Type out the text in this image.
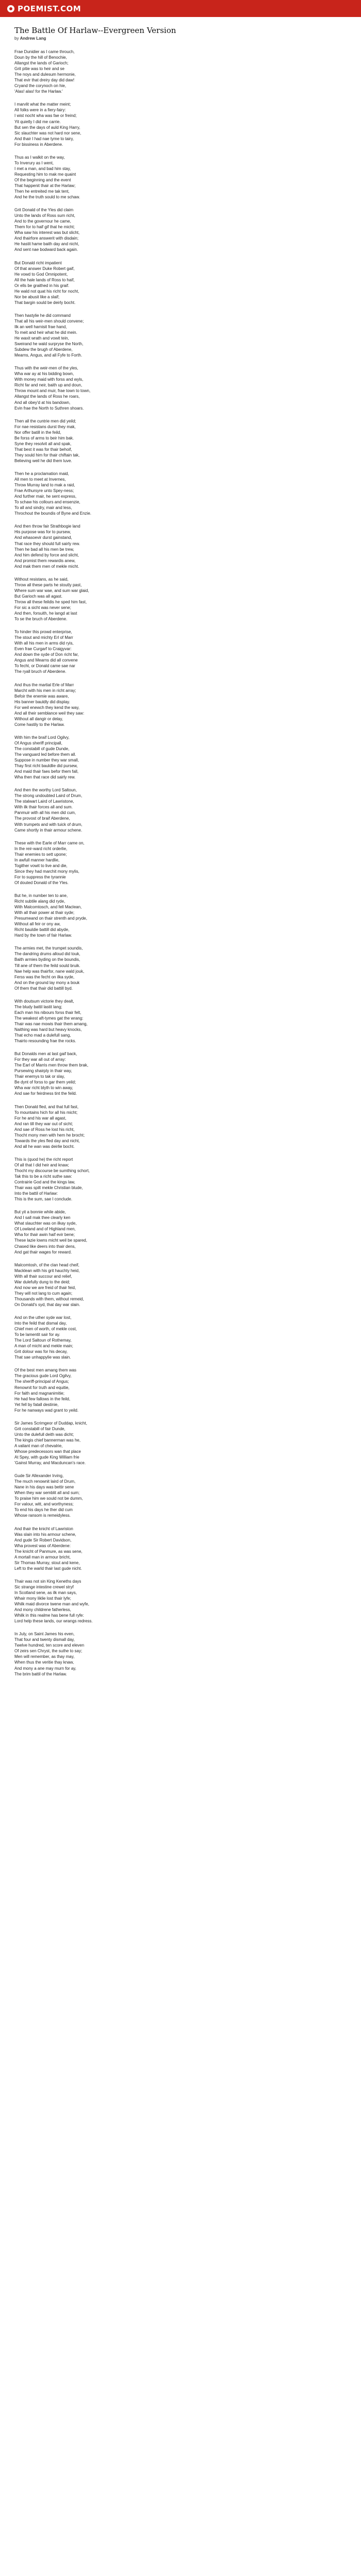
POEMIST.COM
The Battle Of Harlaw--Evergreen Version
by Andrew Lang
Frae Dunidier as I came throuch,
Doun by the hill of Benochie,
Allangst the lands of Garioch;
Grit pitie was to heir and se
The noys and dulesum hermonie,
That evir that dreiry day did daw!
Cryand the corynoch on hie,
'Alas! alas! for the Harlaw.'
I marvlit what the matter meint;
All folks were in a fiery-fairy:
I wist nocht wha was fae or freind;
Yit quietly I did me carrie.
But sen the days of auld King Harry,
Sic slauchter was not hard nor sene,
And thair I had nae tyme to tairy,
For bissiness in Aberdene.
Thus as I walkit on the way,
To Inverury as I went,
I met a man, and bad him stay,
Requesting him to mak me quaint
Of the beginning and the event
That happenit thair at the Harlaw;
Then he entreited me tak tent,
And he the truth sould to me schaw.
Grit Donald of the Yles did claim
Unto the lands of Ross sum richt,
And to the governour he came,
Them for to haif gif that he micht;
Wha saw his interest was but slicht,
And thairfore answerit with disdain;
He hastit hame baith day and nicht,
And sent nae bodward back again.
But Donald richt impatient
Of that answer Duke Robert gaif,
He vowd to God Omnipotent,
All the hale lands of Ross to haif,
Or ells be graithed in his graif.
He wald not quat his richt for nocht,
Nor be abusit like a slaif;
That bargin sould be deirly bocht.
Then hastylie he did command
That all his weir-men should convene;
Ilk an well harnisit frae hand,
To meit and heir what he did mein.
He waxit wrath and vowit tein,
Sweirand he wald surpryse the North,
Subdew the brugh of Aberdene,
Mearns, Angus, and all Fyfe to Forth.
Thus with the weir-men of the yles,
Wha war ay at his bidding bown,
With money maid with forss and wyls,
Richt far and neir, baith up and doun,
Throw mount and muir, frae town to town,
Allangst the lands of Ross he roars,
And all obey'd at his bandown,
Evin frae the North to Suthren shoars.
Then all the cuntrie men did yeild;
For nae resistans durst they mak,
Nor offer batill in the feild,
Be forss of arms to beir him bak.
Syne they resolvit all and spak,
That best it was for thair behoif,
They sould him for thair chiftain tak,
Believing weil he did them luve.
Then he a proclamation maid,
All men to meet at Invernes,
Throw Murray land to mak a raid,
Frae Arthursyre unto Spey-ness;
And further mair, he sent express,
To schaw his collours and ensenzie,
To all and sindry, mair and less,
Throchout the boundis of Byne and Enzie.
And then throw fair Strathbogie land
His purpose was for to pursew,
And whasoevir durst gainstand,
That race they should full sairly rew.
Then he bad all his men be trew,
And him defend by force and slicht,
And promist them rewardis anew,
And mak them men of mekle micht.
Without resistans, as he said,
Throw all these parts he stoutly past,
Where sum war wae, and sum war glaid,
But Garioch was all agast.
Throw all these feildis he sped him fast,
For sic a sicht was never sene;
And then, forsuith, he langd at last
To se the bruch of Aberdene.
To hinder this prowd enterprise,
The stout and michty Erl of Marr
With all his men in arms did ryis,
Even frae Curgarf to Craigyvar:
And down the syde of Don richt far,
Angus and Mearns did all convene
To fecht, or Donald came sae nar
The ryall bruch of Aberdene.
And thus the martial Erle of Marr
Marcht with his men in richt array;
Befoir the enemie was aware,
His banner bauldly did display.
For weil enewch they kend the way,
And all their semblance weil they saw:
Without all dangir or delay,
Come hastily to the Harlaw.
With him the braif Lord Ogilvy,
Of Angus sheriff principall,
The constabill of gude Dunde,
The vanguard led before them all.
Suppose in number they war small,
Thay first richt bauldlie did pursew,
And maid thair faes befor them fall,
Wha then that race did sairly rew.
And then the worthy Lord Saltoun,
The strong undoubted Laird of Drum,
The stalwart Laird of Lawristone,
With ilk thair forces all and sum.
Panmuir with all his men did cum,
The provost of braif Aberdene,
With trumpets and with tuick of drum,
Came shortly in thair armour schene.
These with the Earle of Marr came on,
In the reir-ward richt orderlie,
Thair enemies to sett upone;
In awfull manner hardlie,
Togither vowit to live and die,
Since they had marchit mony mylis,
For to suppress the tyrannie
Of douted Donald of the Yles.
But he, in number ten to ane,
Richt subtile alang did ryde,
With Malcomtosch, and fell Maclean,
With all thair power at thair syde;
Presumeand on thair strenth and pryde,
Without all feir or ony aw,
Richt bauldie battill did abyde,
Hard by the town of fair Harlaw.
The armies met, the trumpet soundis,
The dandring drums alloud did touk,
Baith armies byding on the boundis,
Till ane of them the feild sould bruik.
Nae help was thairfor, nane wald jouk,
Ferss was the fecht on ilka syde,
And on the ground lay mony a bouk
Of them that thair did battill byd.
With doutsum victorie they dealt,
The bludy battil lastit lang;
Each man his nibours forss thair felt,
The weakest aft-tymes gat the wrang:
Thair was nae mowis thair them amang,
Naithing was hard but heavy knocks,
That echo mad a dulefull sang,
Thairto resounding frae the rocks.
But Donalds men at last gaif back,
For they war all out of array:
The Earl of Marris men throw them brak,
Pursewing shairply in thair way,
Thair enemys to tak or slay,
Be dynt of forss to gar them yeild;
Wha war richt blyth to win away,
And sae for feirdness tint the feild.
Then Donald fled, and that full fast,
To mountains hich for all his micht;
For he and his war all agast,
And ran till they war out of sicht;
And sae of Ross he lost his richt,
Thocht mony men with hem he brocht;
Towards the yles fled day and nicht,
And all he wan was deirlie bocht.
This is (quod he) the richt report
Of all that I did heir and knaw;
Thocht my discourse be sumthing schort,
Tak this to be a richt suthe saw:
Contrairie God and the kings law,
Thair was spilt mekle Christian blude,
Into the battil of Harlaw:
This is the sum, sae I conclude.
But yit a bonnie while abide,
And I sall mak thee clearly ken
What slauchter was on ilkay syde,
Of Lowland and of Highland men,
Wha for thair awin haif evir bene;
These lazie lowns micht weil be spared,
Chased like deers into thair dens,
And gat thair wages for reward.
Malcomtosh, of the clan head cheif,
Macklean with his grit hauchty heid,
With all thair succour and relief,
War dulefully dung to the deid;
And now we are freid of thair feid,
They will not lang to cum again;
Thousands with them, without remeid,
On Donald's syd, that day war slain.
And on the uther syde war lost,
Into the feild that dismal day,
Chief men of worth, of mekle cost,
To be lamentit sair for ay.
The Lord Saltoun of Rothemay,
A man of micht and mekle main;
Grit dolour was for his decay,
That sae unhappylie was slain.
Of the best men amang them was
The gracious gude Lord Ogilvy,
The sheriff-principal of Angus;
Renownit for truth and equitie,
For faith and magnanimitie;
He had few fallows in the feild,
Yet fell by fatall destinie,
For he nanways wad grant to yeild.
Sir James Scrimgeor of Duddap, knicht,
Grit constabill of fair Dunde,
Unto the dulefull deith was dicht;
The kingis chief bannerman was he,
A valiant man of chevalrie,
Whose predecessors wan that place
At Spey, with gude King William frie
'Gainst Murray, and Macduncan's race.
Gude Sir Allexander Irving,
The much renownit laird of Drum,
Nane in his days was bettir sene
When they war semblit all and sum;
To praise him we sould not be dumm,
For valour, witt, and worthyness;
To end his days he ther did cum
Whose ransom is remeidyless.
And thair the knicht of Lawriston
Was slain into his armour schene,
And gude Sir Robert Davidson,
Wha provest was of Aberdene:
The knicht of Panmure, as was sene,
A mortall man in armour bricht,
Sir Thomas Murray, stout and kene,
Left to the warld thair last gude nicht.
Thair was not sin King Keneths days
Sic strange intestine crewel stryf
In Scotland sene, as ilk man says,
Whair mony liklie lost thair lyfe;
Whilk maid divorce twene man and wyfe,
And mony childrene fatherless,
Whilk in this realme has bene full ryfe:
Lord help these lands, our wrangs redress.
In July, on Saint James his even,
That four and twenty dismall day,
Twelve hundred, ten score and eleven
Of zeirs sen Chryst, the suthe to say;
Men will remember, as thay may,
When thus the veritie thay knaw,
And mony a ane may murn for ay,
The brim battil of the Harlaw.
